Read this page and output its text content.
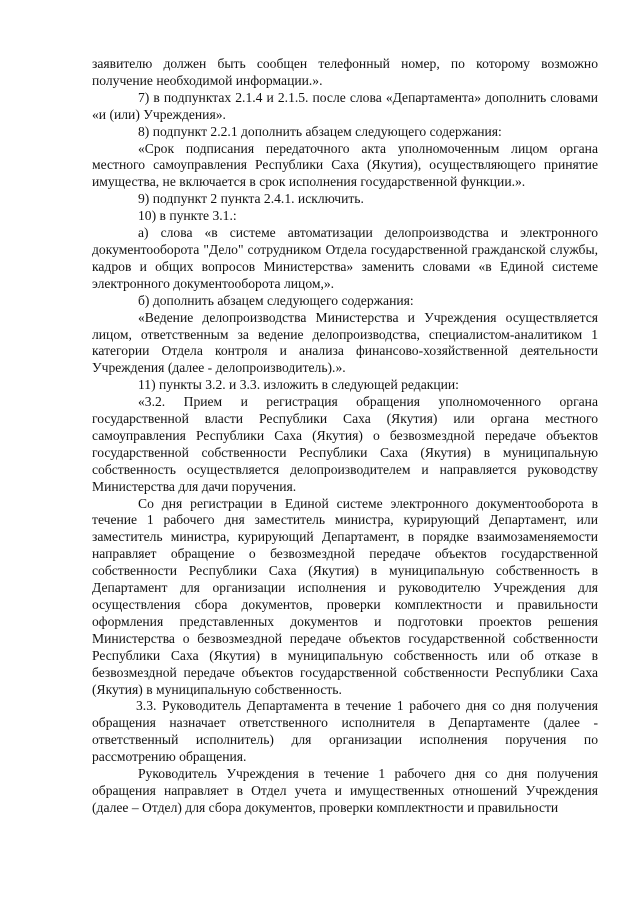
заявителю должен быть сообщен телефонный номер, по которому возможно получение необходимой информации.».

7) в подпунктах 2.1.4 и 2.1.5. после слова «Департамента» дополнить словами «и (или) Учреждения».

8) подпункт 2.2.1 дополнить абзацем следующего содержания:

«Срок подписания передаточного акта уполномоченным лицом органа местного самоуправления Республики Саха (Якутия), осуществляющего принятие имущества, не включается в срок исполнения государственной функции.».

9) подпункт 2 пункта 2.4.1. исключить.

10) в пункте 3.1.:

а) слова «в системе автоматизации делопроизводства и электронного документооборота "Дело" сотрудником Отдела государственной гражданской службы, кадров и общих вопросов Министерства» заменить словами «в Единой системе электронного документооборота лицом,».

б) дополнить абзацем следующего содержания:

«Ведение делопроизводства Министерства и Учреждения осуществляется лицом, ответственным за ведение делопроизводства, специалистом-аналитиком 1 категории Отдела контроля и анализа финансово-хозяйственной деятельности Учреждения (далее - делопроизводитель).».

11) пункты 3.2. и 3.3. изложить в следующей редакции:

«3.2. Прием и регистрация обращения уполномоченного органа государственной власти Республики Саха (Якутия) или органа местного самоуправления Республики Саха (Якутия) о безвозмездной передаче объектов государственной собственности Республики Саха (Якутия) в муниципальную собственность осуществляется делопроизводителем и направляется руководству Министерства для дачи поручения.

Со дня регистрации в Единой системе электронного документооборота в течение 1 рабочего дня заместитель министра, курирующий Департамент, или заместитель министра, курирующий Департамент, в порядке взаимозаменяемости направляет обращение о безвозмездной передаче объектов государственной собственности Республики Саха (Якутия) в муниципальную собственность в Департамент для организации исполнения и руководителю Учреждения для осуществления сбора документов, проверки комплектности и правильности оформления представленных документов и подготовки проектов решения Министерства о безвозмездной передаче объектов государственной собственности Республики Саха (Якутия) в муниципальную собственность или об отказе в безвозмездной передаче объектов государственной собственности Республики Саха (Якутия) в муниципальную собственность.

3.3. Руководитель Департамента в течение 1 рабочего дня со дня получения обращения назначает ответственного исполнителя в Департаменте (далее - ответственный исполнитель) для организации исполнения поручения по рассмотрению обращения.

Руководитель Учреждения в течение 1 рабочего дня со дня получения обращения направляет в Отдел учета и имущественных отношений Учреждения (далее – Отдел) для сбора документов, проверки комплектности и правильности
